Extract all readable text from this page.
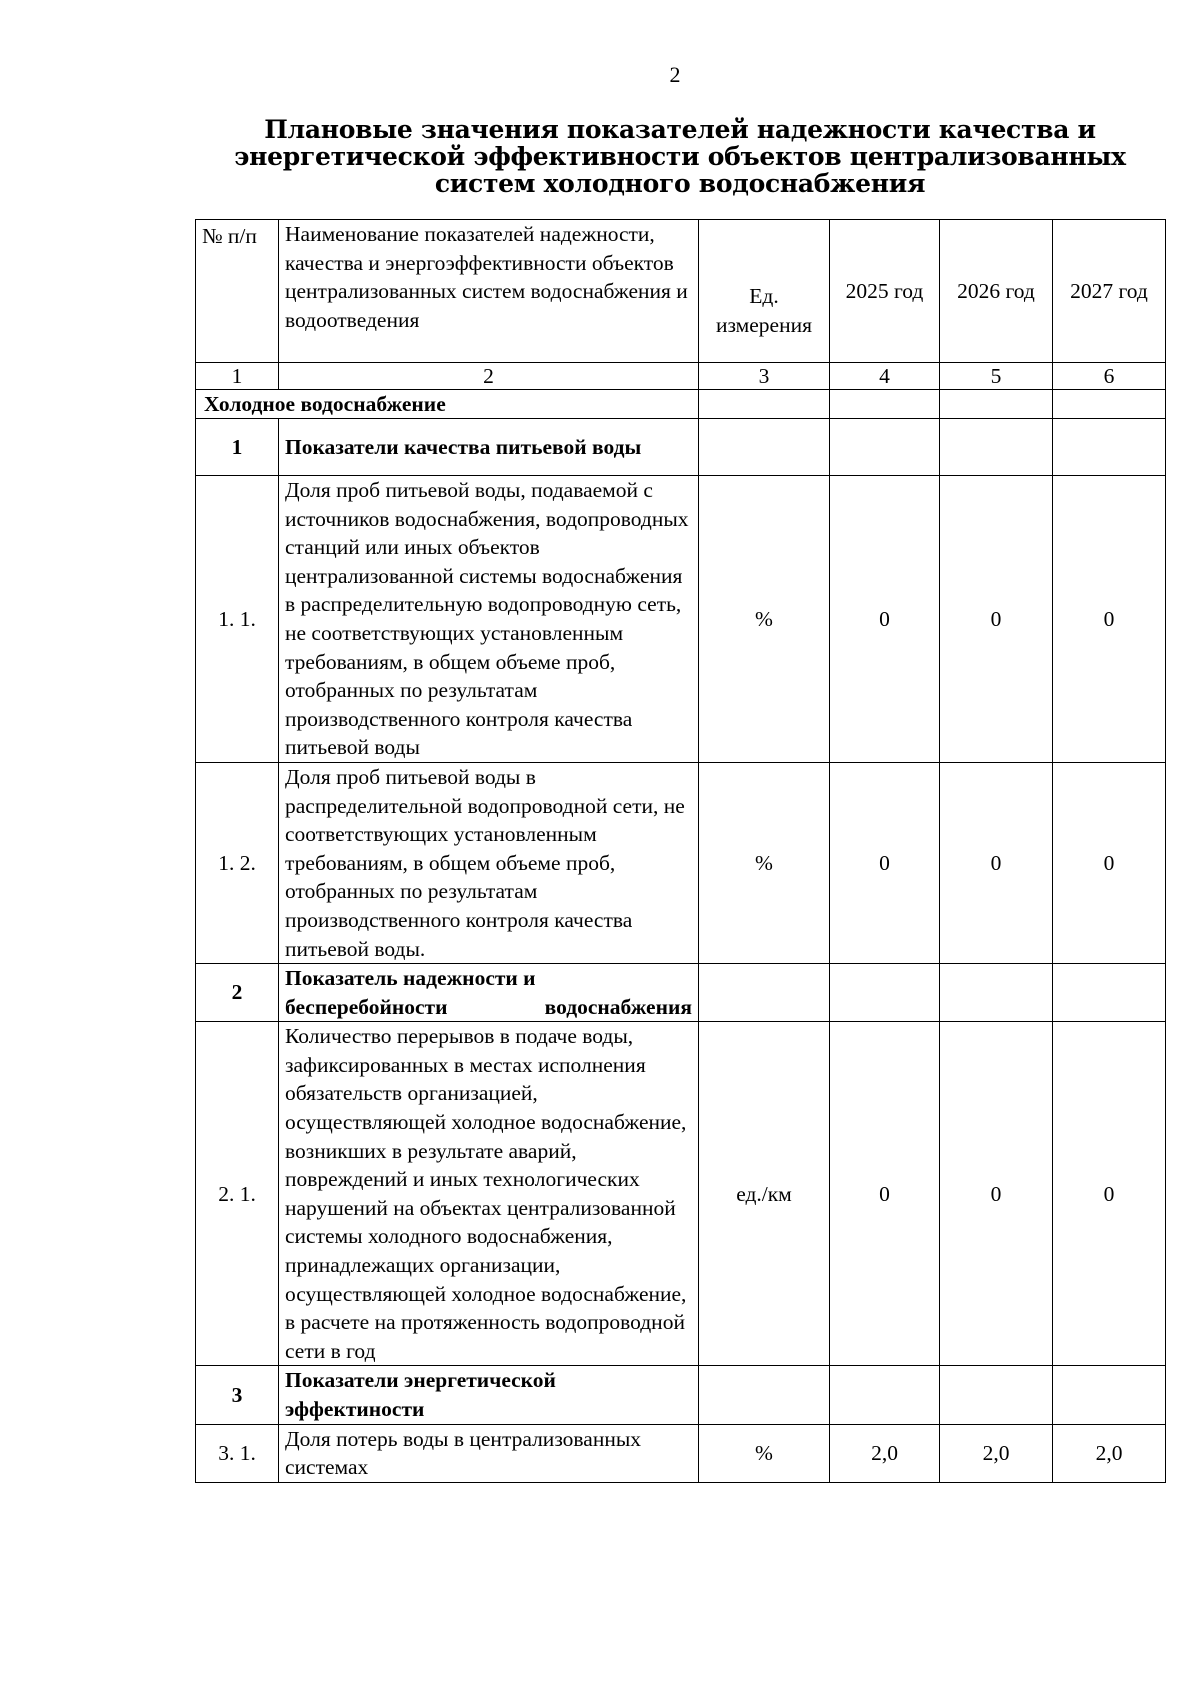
2
Плановые значения показателей надежности качества и энергетической эффективности объектов централизованных систем холодного водоснабжения
№ п/п	Наименование показателей надежности, качества и энергоэффективности объектов централизованных систем водоснабжения и водоотведения	Ед. измерения	2025 год	2026 год	2027 год
1	2	3	4	5	6
Холодное водоснабжение					
1	Показатели качества питьевой воды				
1. 1.	Доля проб питьевой воды, подаваемой с источников водоснабжения, водопроводных станций или иных объектов централизованной системы водоснабжения в распределительную водопроводную сеть, не соответствующих установленным требованиям, в общем объеме проб, отобранных по результатам производственного контроля качества питьевой воды	%	0	0	0
1. 2.	Доля проб питьевой воды в распределительной водопроводной сети, не соответствующих установленным требованиям, в общем объеме проб, отобранных по результатам производственного контроля качества питьевой воды.	%	0	0	0
2	Показатель надежности и бесперебойности водоснабжения				
2. 1.	Количество перерывов в подаче воды, зафиксированных в местах исполнения обязательств организацией, осуществляющей холодное водоснабжение, возникших в результате аварий, повреждений и иных технологических нарушений на объектах централизованной системы холодного водоснабжения, принадлежащих организации, осуществляющей холодное водоснабжение, в расчете на протяженность водопроводной сети в год	ед./км	0	0	0
3	Показатели энергетической эффектиности				
3. 1.	Доля потерь воды в централизованных системах	%	2,0	2,0	2,0
